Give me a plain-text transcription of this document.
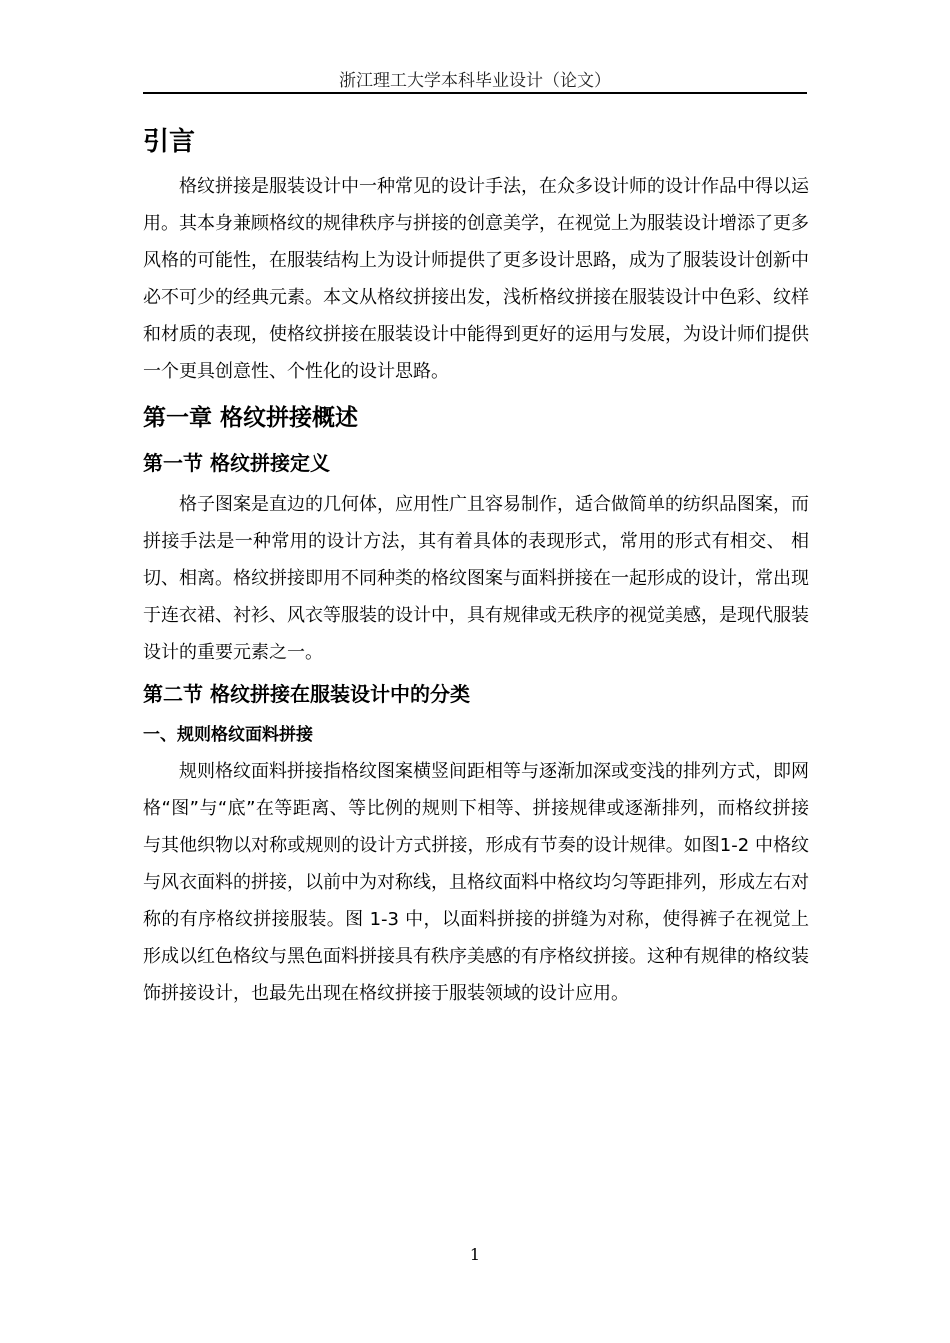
浙江理工大学本科毕业设计（论文）
引言

格纹拼接是服装设计中一种常见的设计手法，在众多设计师的设计作品中得以运用。其本身兼顾格纹的规律秩序与拼接的创意美学，在视觉上为服装设计增添了更多风格的可能性，在服装结构上为设计师提供了更多设计思路，成为了服装设计创新中必不可少的经典元素。本文从格纹拼接出发，浅析格纹拼接在服装设计中色彩、纹样和材质的表现，使格纹拼接在服装设计中能得到更好的运用与发展，为设计师们提供一个更具创意性、个性化的设计思路。

第一章 格纹拼接概述
第一节 格纹拼接定义

格子图案是直边的几何体，应用性广且容易制作，适合做简单的纺织品图案，而拼接手法是一种常用的设计方法，其有着具体的表现形式，常用的形式有相交、 相切、相离。格纹拼接即用不同种类的格纹图案与面料拼接在一起形成的设计，常出现于连衣裙、衬衫、风衣等服装的设计中，具有规律或无秩序的视觉美感，是现代服装设计的重要元素之一。

第二节 格纹拼接在服装设计中的分类
一、规则格纹面料拼接

规则格纹面料拼接指格纹图案横竖间距相等与逐渐加深或变浅的排列方式，即网格“图”与“底”在等距离、等比例的规则下相等、拼接规律或逐渐排列，而格纹拼接与其他织物以对称或规则的设计方式拼接，形成有节奏的设计规律。如图1-2 中格纹与风衣面料的拼接，以前中为对称线，且格纹面料中格纹均匀等距排列，形成左右对称的有序格纹拼接服装。图 1-3 中，以面料拼接的拼缝为对称，使得裤子在视觉上形成以红色格纹与黑色面料拼接具有秩序美感的有序格纹拼接。这种有规律的格纹装饰拼接设计，也最先出现在格纹拼接于服装领域的设计应用。

1
